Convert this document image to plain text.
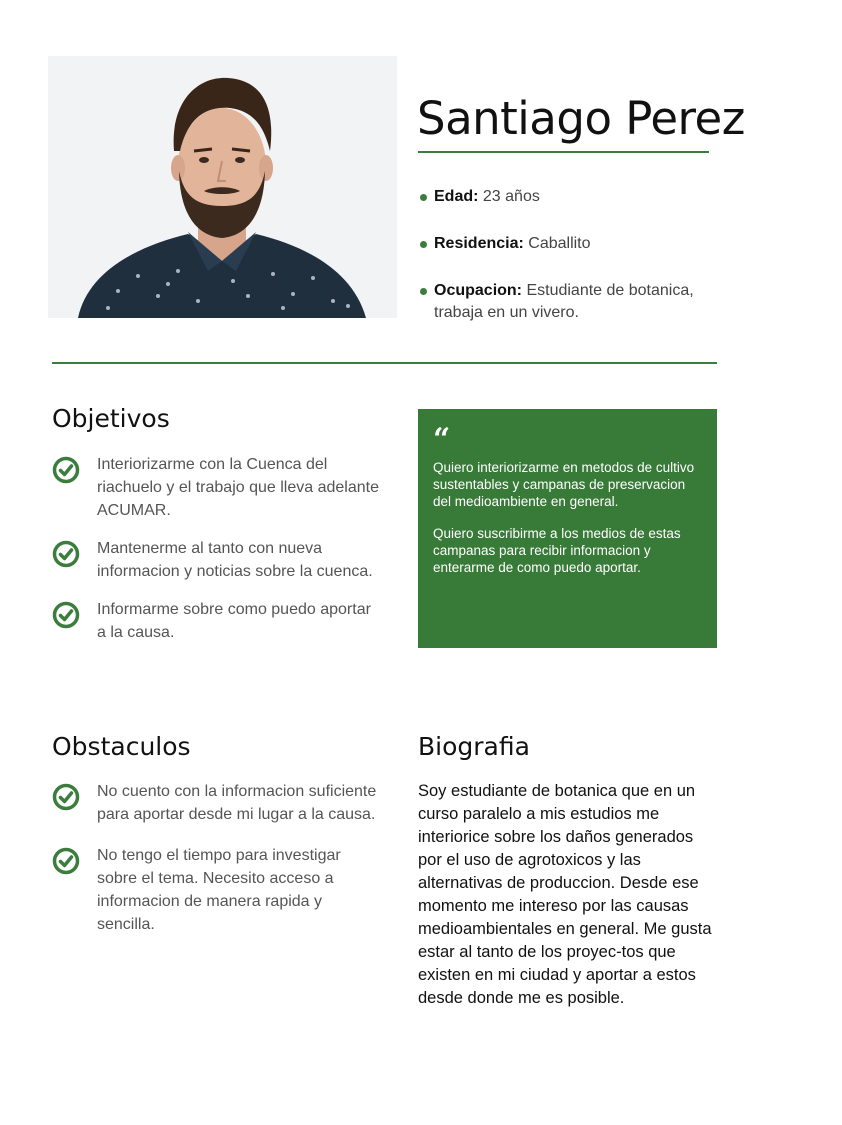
Santiago Perez
Edad: 23 años
Residencia: Caballito
Ocupacion: Estudiante de botanica, trabaja en un vivero.
Objetivos
Interiorizarme con la Cuenca del riachuelo y el trabajo que lleva adelante ACUMAR.
Mantenerme al tanto con nueva informacion y noticias sobre la cuenca.
Informarme sobre como puedo aportar a la causa.
“

Quiero interiorizarme en metodos de cultivo sustentables y campanas de preservacion del medioambiente en general.

Quiero suscribirme a los medios de estas campanas para recibir informacion y enterarme de como puedo aportar.

Obstaculos
No cuento con la informacion suficiente para aportar desde mi lugar a la causa.
No tengo el tiempo para investigar sobre el tema. Necesito acceso a informacion de manera rapida y sencilla.
Biografia

Soy estudiante de botanica que en un curso paralelo a mis estudios me interiorice sobre los daños generados por el uso de agrotoxicos y las alternativas de produccion. Desde ese momento me intereso por las causas medioambientales en general. Me gusta estar al tanto de los proyec-tos que existen en mi ciudad y aportar a estos desde donde me es posible.
